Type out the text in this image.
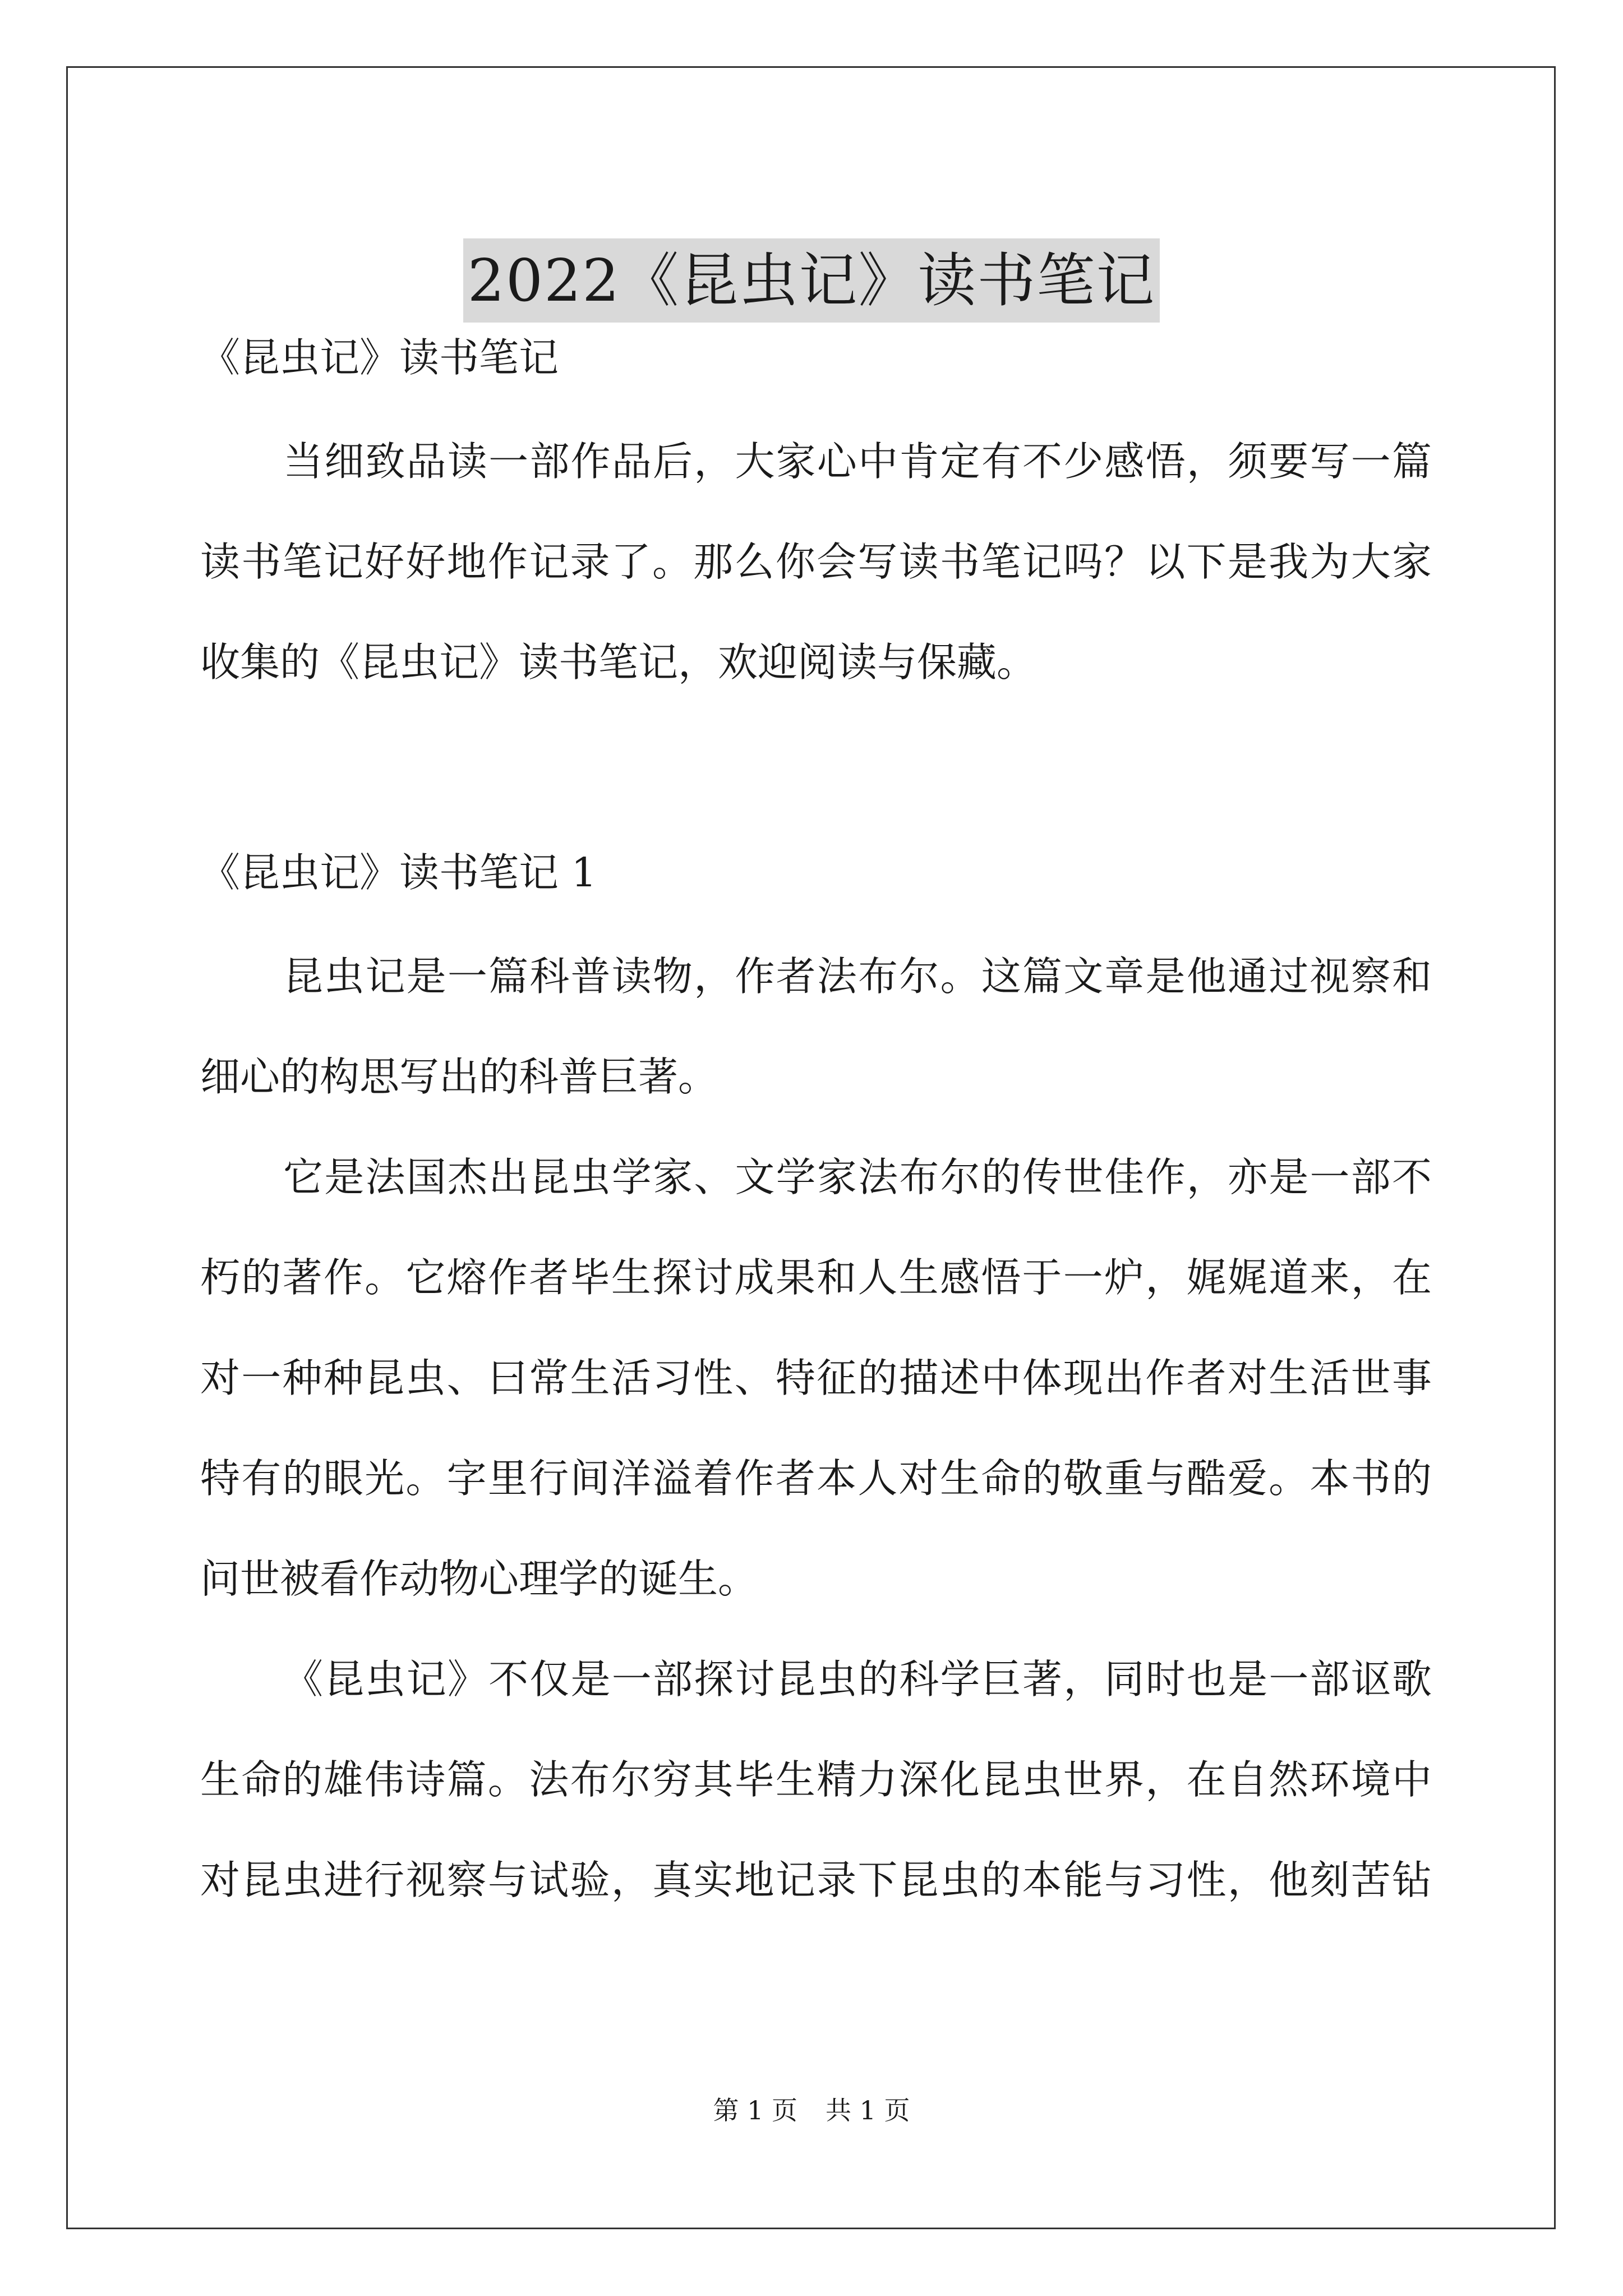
2022《昆虫记》读书笔记

《昆虫记》读书笔记

当细致品读一部作品后，大家心中肯定有不少感悟，须要写一篇

读书笔记好好地作记录了。那么你会写读书笔记吗？以下是我为大家

收集的《昆虫记》读书笔记，欢迎阅读与保藏。

《昆虫记》读书笔记 1

昆虫记是一篇科普读物，作者法布尔。这篇文章是他通过视察和

细心的构思写出的科普巨著。

它是法国杰出昆虫学家、文学家法布尔的传世佳作，亦是一部不

朽的著作。它熔作者毕生探讨成果和人生感悟于一炉，娓娓道来，在

对一种种昆虫、曰常生活习性、特征的描述中体现出作者对生活世事

特有的眼光。字里行间洋溢着作者本人对生命的敬重与酷爱。本书的

问世被看作动物心理学的诞生。

《昆虫记》不仅是一部探讨昆虫的科学巨著，同时也是一部讴歌

生命的雄伟诗篇。法布尔穷其毕生精力深化昆虫世界，在自然环境中

对昆虫进行视察与试验，真实地记录下昆虫的本能与习性，他刻苦钻

第 1 页 共 1 页
